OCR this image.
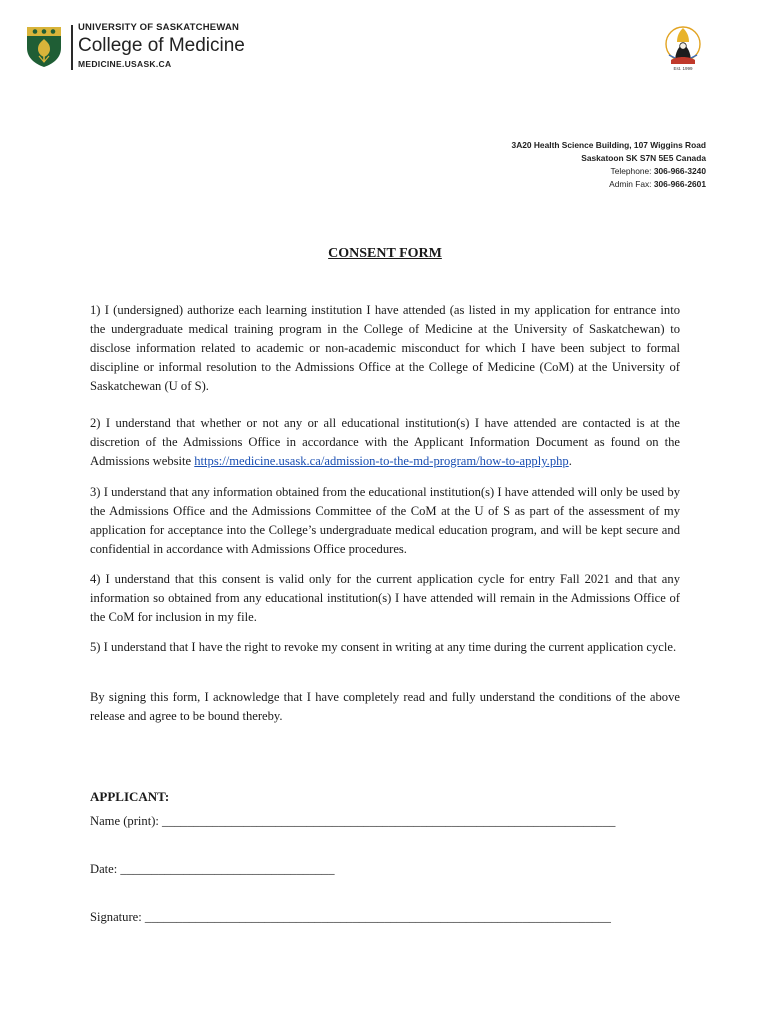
UNIVERSITY OF SASKATCHEWAN
College of Medicine
MEDICINE.USASK.CA	Est. 1999
3A20 Health Science Building, 107 Wiggins Road
Saskatoon SK S7N 5E5 Canada
Telephone: 306-966-3240
Admin Fax: 306-966-2601
CONSENT FORM
1) I (undersigned) authorize each learning institution I have attended (as listed in my application for entrance into the undergraduate medical training program in the College of Medicine at the University of Saskatchewan) to disclose information related to academic or non-academic misconduct for which I have been subject to formal discipline or informal resolution to the Admissions Office at the College of Medicine (CoM) at the University of Saskatchewan (U of S).
2) I understand that whether or not any or all educational institution(s) I have attended are contacted is at the discretion of the Admissions Office in accordance with the Applicant Information Document as found on the Admissions website https://medicine.usask.ca/admission-to-the-md-program/how-to-apply.php.
3) I understand that any information obtained from the educational institution(s) I have attended will only be used by the Admissions Office and the Admissions Committee of the CoM at the U of S as part of the assessment of my application for acceptance into the College’s undergraduate medical education program, and will be kept secure and confidential in accordance with Admissions Office procedures.
4) I understand that this consent is valid only for the current application cycle for entry Fall 2021 and that any information so obtained from any educational institution(s) I have attended will remain in the Admissions Office of the CoM for inclusion in my file.
5) I understand that I have the right to revoke my consent in writing at any time during the current application cycle.
By signing this form, I acknowledge that I have completely read and fully understand the conditions of the above release and agree to be bound thereby.
APPLICANT:
Name (print): ________________________________________________________________________
Date: __________________________________
Signature: __________________________________________________________________________
